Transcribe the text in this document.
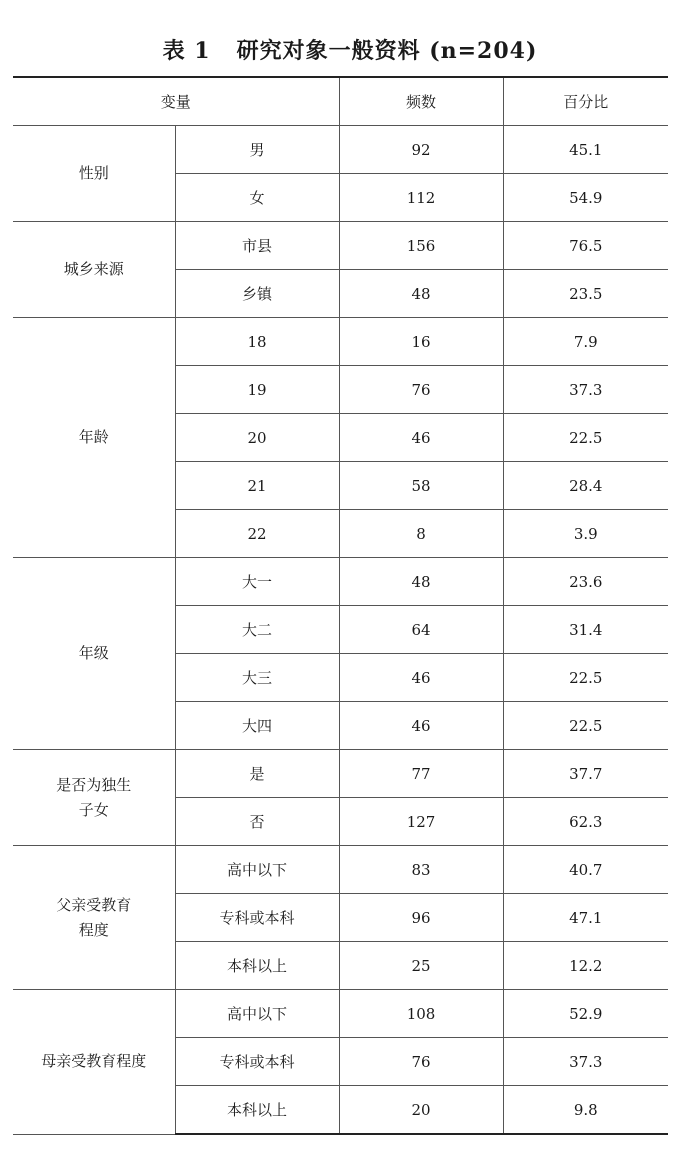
表 1 研究对象一般资料 (n=204)
变量		频数	百分比
性别	男	92	45.1
	女	112	54.9
城乡来源	市县	156	76.5
	乡镇	48	23.5
年龄	18	16	7.9
	19	76	37.3
	20	46	22.5
	21	58	28.4
	22	8	3.9
年级	大一	48	23.6
	大二	64	31.4
	大三	46	22.5
	大四	46	22.5

是否为独生
子女	是	77	37.7
	否	127	62.3

父亲受教育
程度	高中以下	83	40.7
	专科或本科	96	47.1
	本科以上	25	12.2
母亲受教育程度	高中以下	108	52.9
	专科或本科	76	37.3
	本科以上	20	9.8
